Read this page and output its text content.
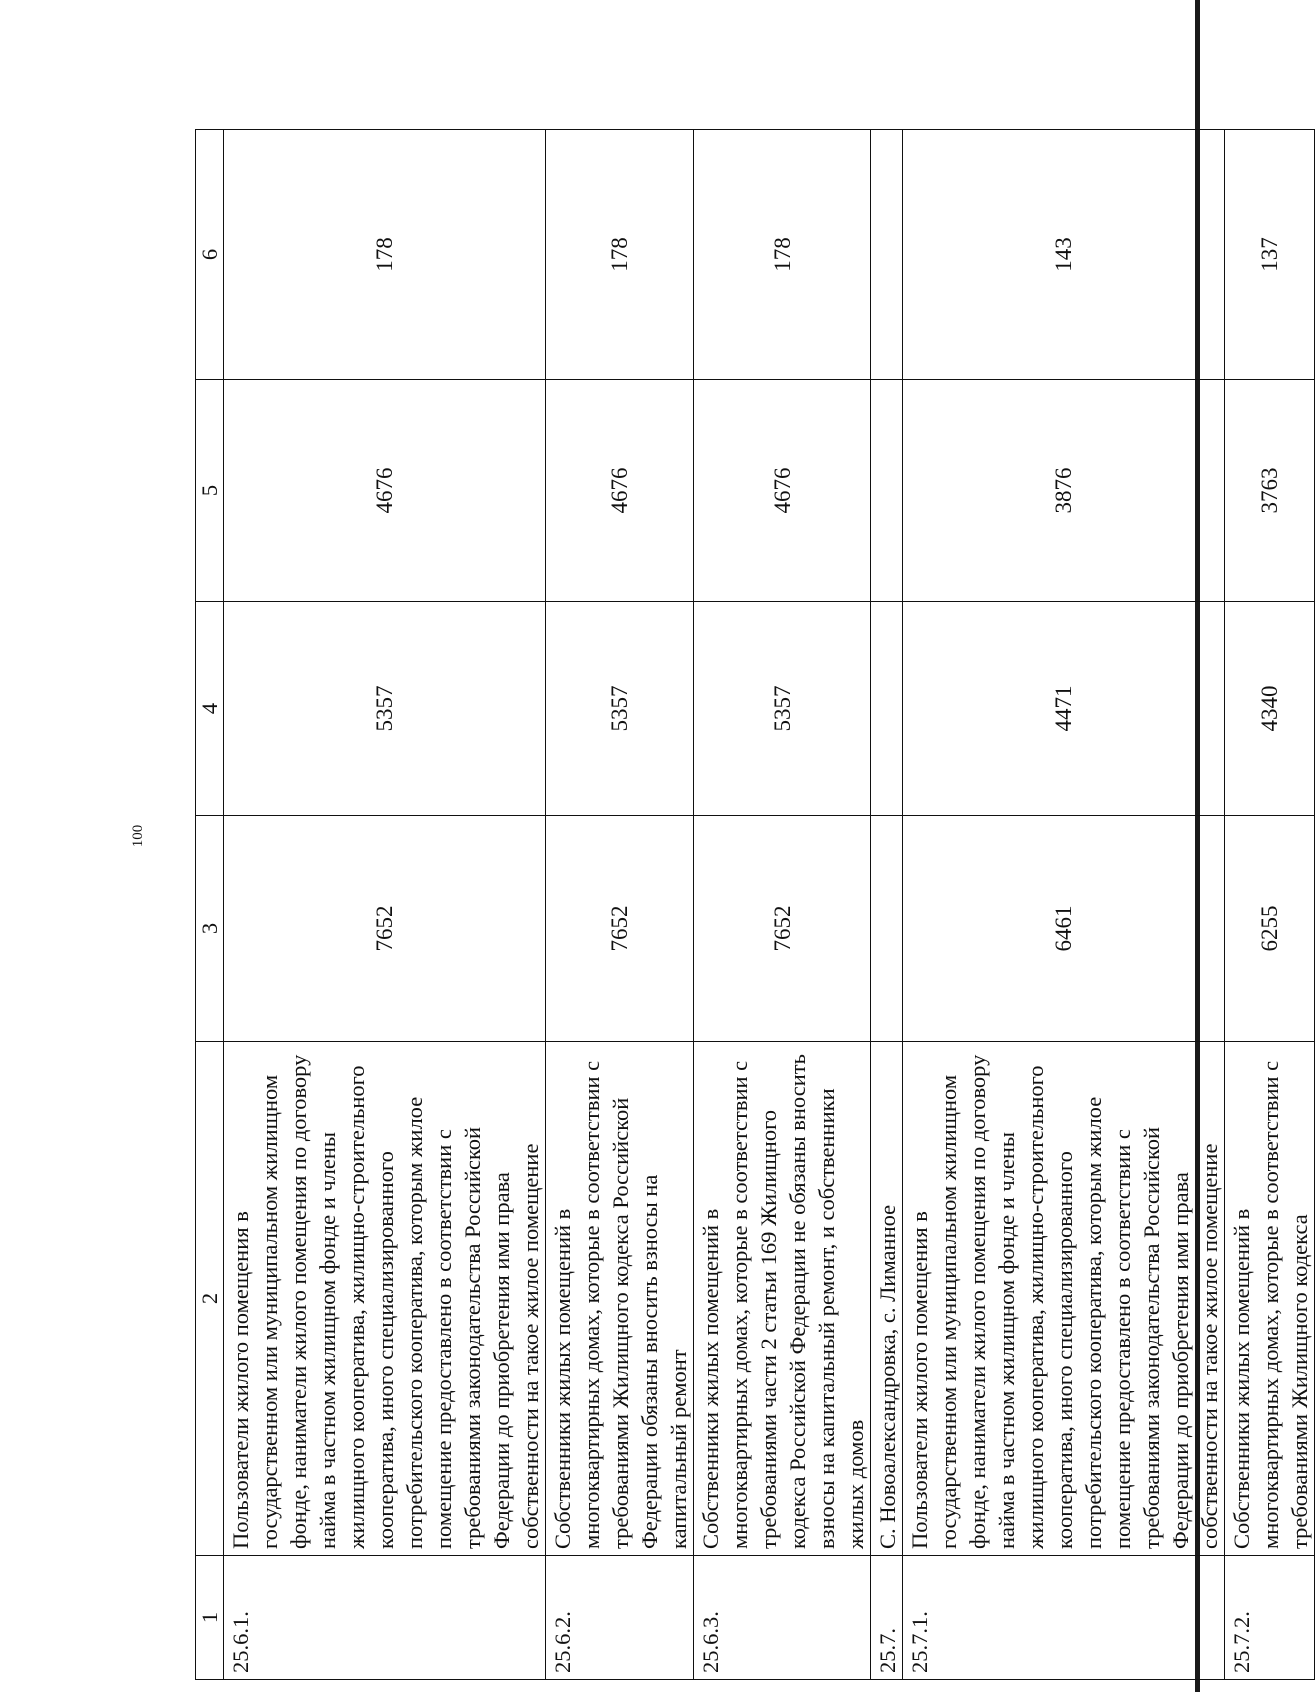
100
1	2	3	4	5	6
25.6.1.	Пользователи жилого помещения в государственном или муниципальном жилищном фонде, наниматели жилого помещения по договору найма в частном жилищном фонде и члены жилищного кооператива, жилищно-строительного кооператива, иного специализированного потребительского кооператива, которым жилое помещение предоставлено в соответствии с требованиями законодательства Российской Федерации до приобретения ими права собственности на такое жилое помещение	7652	5357	4676	178
25.6.2.	Собственники жилых помещений в многоквартирных домах, которые в соответствии с требованиями Жилищного кодекса Российской Федерации обязаны вносить взносы на капитальный ремонт	7652	5357	4676	178
25.6.3.	Собственники жилых помещений в многоквартирных домах, которые в соответствии с требованиями части 2 статьи 169 Жилищного кодекса Российской Федерации не обязаны вносить взносы на капитальный ремонт, и собственники жилых домов	7652	5357	4676	178
25.7.	С. Новоалександровка, с. Лиманное				
25.7.1.	Пользователи жилого помещения в государственном или муниципальном жилищном фонде, наниматели жилого помещения по договору найма в частном жилищном фонде и члены жилищного кооператива, жилищно-строительного кооператива, иного специализированного потребительского кооператива, которым жилое помещение предоставлено в соответствии с требованиями законодательства Российской Федерации до приобретения ими права собственности на такое жилое помещение	6461	4471	3876	143
25.7.2.	Собственники жилых помещений в многоквартирных домах, которые в соответствии с требованиями Жилищного кодекса	6255	4340	3763	137
